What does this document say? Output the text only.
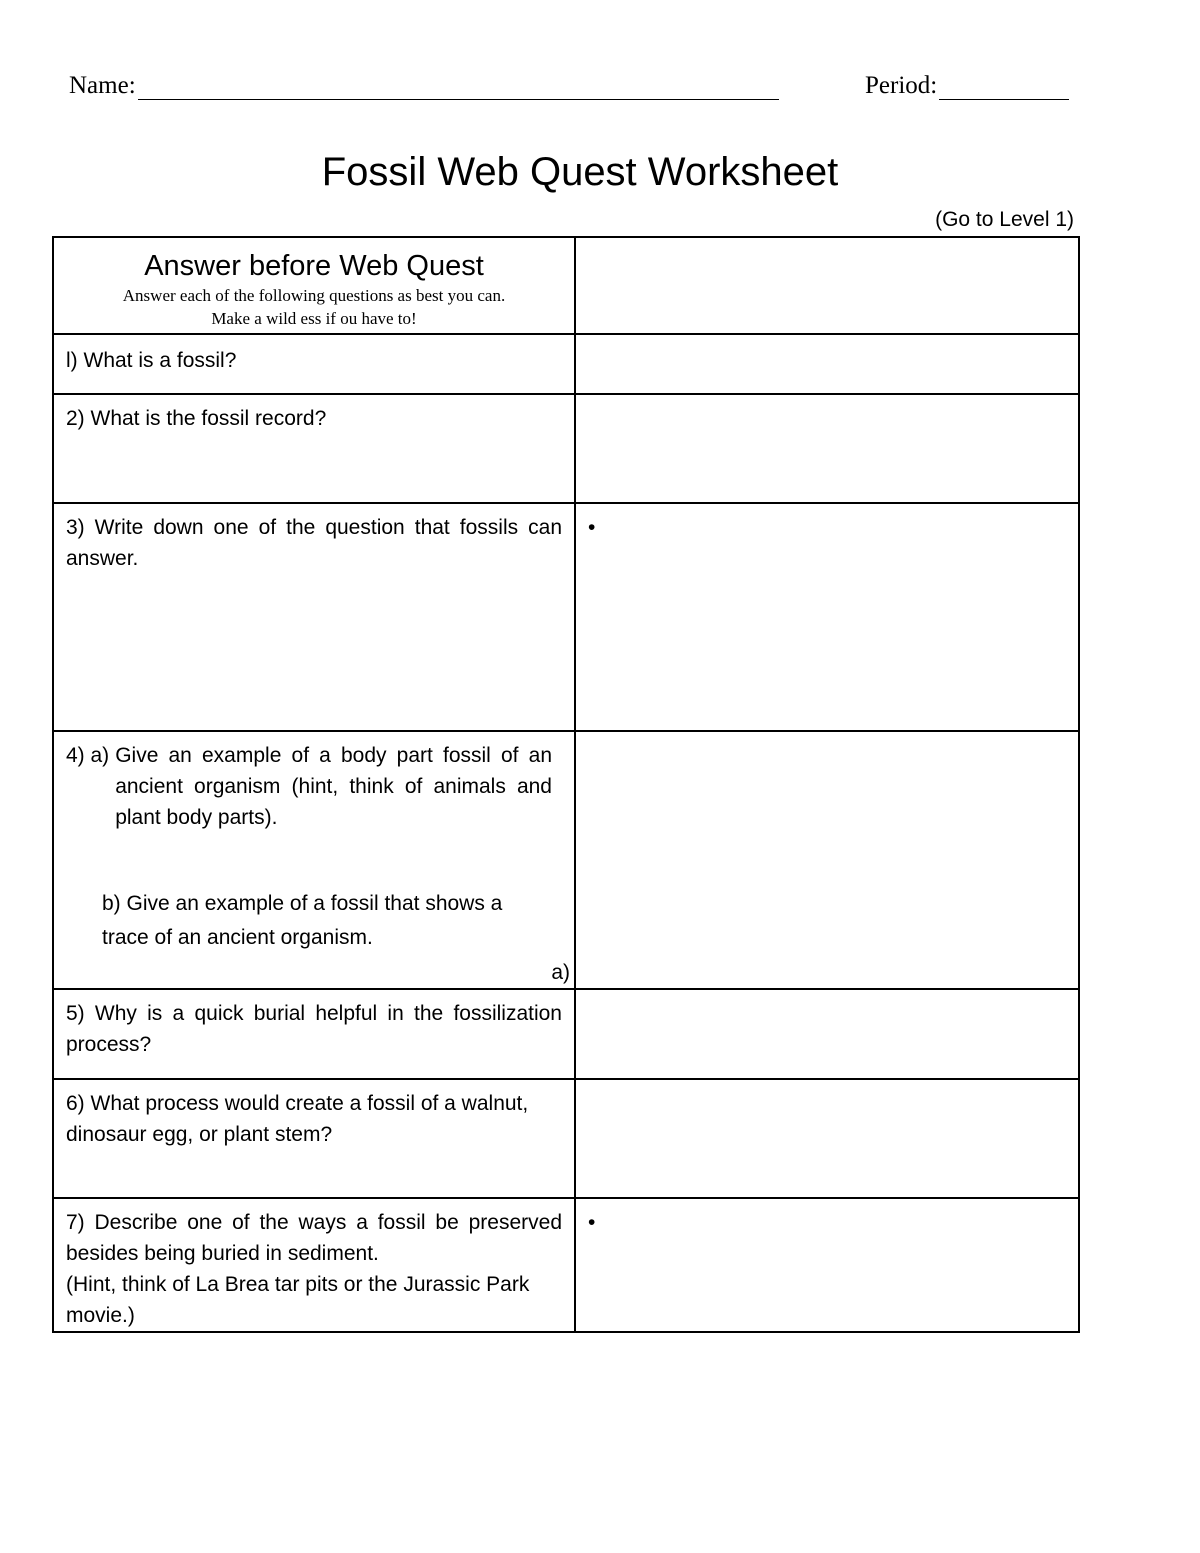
Name:	Period:
Fossil Web Quest Worksheet
(Go to Level 1)
Answer before Web Quest
Answer each of the following questions as best you can.
Make a wild ess if ou have to!	

l) What is a fossil?	
2) What is the fossil record?	
3) Write down one of the question that fossils can answer.	•

4) a) Give an example of a body part fossil of an ancient organism (hint, think of animals and plant body parts).
b) Give an example of a fossil that shows a trace of an ancient organism.
a)	

5) Why is a quick burial helpful in the fossilization process?	
6) What process would create a fossil of a walnut, dinosaur egg, or plant stem?	

7) Describe one of the ways a fossil be preserved besides being buried in sediment.
(Hint, think of La Brea tar pits or the Jurassic Park movie.)	•
